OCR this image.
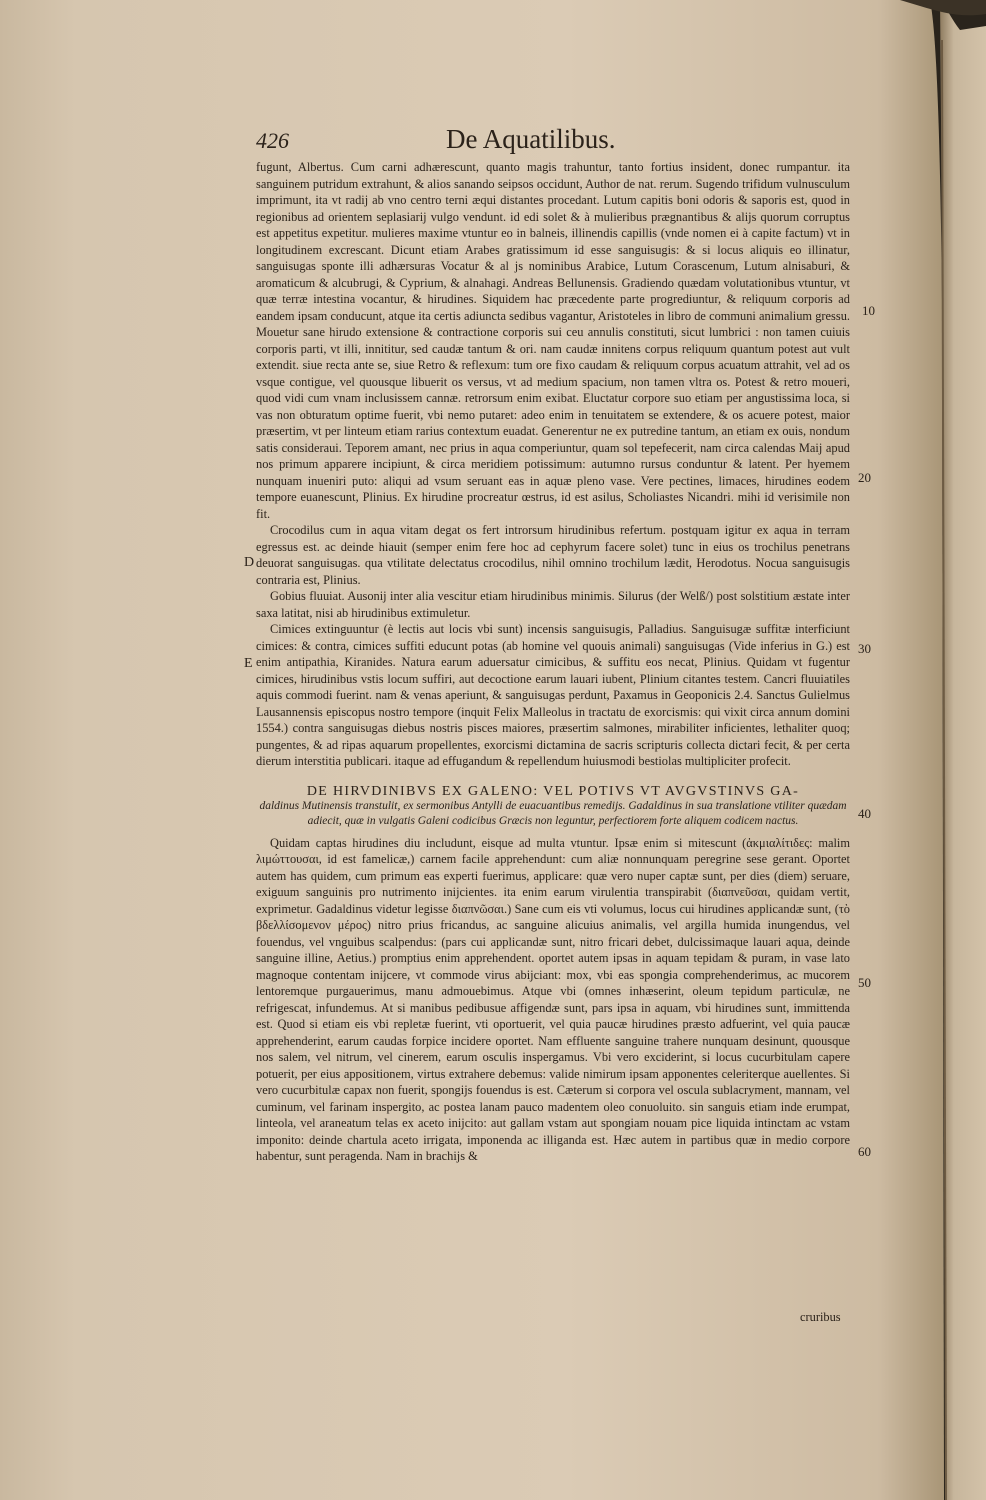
426	De Aquatilibus.

fugunt, Albertus. Cum carni adhærescunt, quanto magis trahuntur, tanto fortius insident, donec rumpantur. ita sanguinem putridum extrahunt, & alios sanando seipsos occidunt, Author de nat. rerum. Sugendo trifidum vulnusculum imprimunt, ita vt radij ab vno centro terni æqui distantes procedant. Lutum capitis boni odoris & saporis est, quod in regionibus ad orientem seplasiarij vulgo vendunt. id edi solet & à mulieribus prægnantibus & alijs quorum corruptus est appetitus expetitur. mulieres maxime vtuntur eo in balneis, illinendis capillis (vnde nomen ei à capite factum) vt in longitudinem excrescant. Dicunt etiam Arabes gratissimum id esse sanguisugis: & si locus aliquis eo illinatur, sanguisugas sponte illi adhærsuras Vocatur & al js nominibus Arabice, Lutum Corascenum, Lutum alnisaburi, & aromaticum & alcubrugi, & Cyprium, & alnahagi. Andreas Bellunensis. Gradiendo quædam volutationibus vtuntur, vt quæ terræ intestina vocantur, & hirudines. Siquidem hac præcedente parte progrediuntur, & reliquum corporis ad eandem ipsam conducunt, atque ita certis adiuncta sedibus vagantur, Aristoteles in libro de communi animalium gressu. Mouetur sane hirudo extensione & contractione corporis sui ceu annulis constituti, sicut lumbrici : non tamen cuiuis corporis parti, vt illi, innititur, sed caudæ tantum & ori. nam caudæ innitens corpus reliquum quantum potest aut vult extendit. siue recta ante se, siue Retro & reflexum: tum ore fixo caudam & reliquum corpus acuatum attrahit, vel ad os vsque contigue, vel quousque libuerit os versus, vt ad medium spacium, non tamen vltra os. Potest & retro moueri, quod vidi cum vnam inclusissem cannæ. retrorsum enim exibat. Eluctatur corpore suo etiam per angustissima loca, si vas non obturatum optime fuerit, vbi nemo putaret: adeo enim in tenuitatem se extendere, & os acuere potest, maior præsertim, vt per linteum etiam rarius contextum euadat. Generentur ne ex putredine tantum, an etiam ex ouis, nondum satis consideraui. Teporem amant, nec prius in aqua comperiuntur, quam sol tepefecerit, nam circa calendas Maij apud nos primum apparere incipiunt, & circa meridiem potissimum: autumno rursus conduntur & latent. Per hyemem nunquam inueniri puto: aliqui ad vsum seruant eas in aquæ pleno vase. Vere pectines, limaces, hirudines eodem tempore euanescunt, Plinius. Ex hirudine procreatur œstrus, id est asilus, Scholiastes Nicandri. mihi id verisimile non fit.

Crocodilus cum in aqua vitam degat os fert introrsum hirudinibus refertum. postquam igitur ex aqua in terram egressus est. ac deinde hiauit (semper enim fere hoc ad cephyrum facere solet) tunc in eius os trochilus penetrans deuorat sanguisugas. qua vtilitate delectatus crocodilus, nihil omnino trochilum lædit, Herodotus. Nocua sanguisugis contraria est, Plinius.

Gobius fluuiat. Ausonij inter alia vescitur etiam hirudinibus minimis. Silurus (der Welß/) post solstitium æstate inter saxa latitat, nisi ab hirudinibus extimuletur.

Cimices extinguuntur (è lectis aut locis vbi sunt) incensis sanguisugis, Palladius. Sanguisugæ suffitæ interficiunt cimices: & contra, cimices suffiti educunt potas (ab homine vel quouis animali) sanguisugas (Vide inferius in G.) est enim antipathia, Kiranides. Natura earum aduersatur cimicibus, & suffitu eos necat, Plinius. Quidam vt fugentur cimices, hirudinibus vstis locum suffiri, aut decoctione earum lauari iubent, Plinium citantes testem. Cancri fluuiatiles aquis commodi fuerint. nam & venas aperiunt, & sanguisugas perdunt, Paxamus in Geoponicis 2.4. Sanctus Gulielmus Lausannensis episcopus nostro tempore (inquit Felix Malleolus in tractatu de exorcismis: qui vixit circa annum domini 1554.) contra sanguisugas diebus nostris pisces maiores, præsertim salmones, mirabiliter inficientes, lethaliter quoq; pungentes, & ad ripas aquarum propellentes, exorcismi dictamina de sacris scripturis collecta dictari fecit, & per certa dierum interstitia publicari. itaque ad effugandum & repellendum huiusmodi bestiolas multipliciter profecit.

DE HIRVDINIBVS EX GALENO: VEL POTIVS VT AVGVSTINVS GA-
daldinus Mutinensis transtulit, ex sermonibus Antylli de euacuantibus remedijs. Gadaldinus in sua translatione vtiliter quædam adiecit, quæ in vulgatis Galeni codicibus Græcis non leguntur, perfectiorem forte aliquem codicem nactus.

Quidam captas hirudines diu includunt, eisque ad multa vtuntur. Ipsæ enim si mitescunt (ἀκμιαλίτιδες: malim λιμώττουσαι, id est famelicæ,) carnem facile apprehendunt: cum aliæ nonnunquam peregrine sese gerant. Oportet autem has quidem, cum primum eas experti fuerimus, applicare: quæ vero nuper captæ sunt, per dies (diem) seruare, exiguum sanguinis pro nutrimento inijcientes. ita enim earum virulentia transpirabit (διαπνεῦσαι, quidam vertit, exprimetur. Gadaldinus videtur legisse διαπνῶσαι.) Sane cum eis vti volumus, locus cui hirudines applicandæ sunt, (τὸ βδελλίσομενον μέρος) nitro prius fricandus, ac sanguine alicuius animalis, vel argilla humida inungendus, vel fouendus, vel vnguibus scalpendus: (pars cui applicandæ sunt, nitro fricari debet, dulcissimaque lauari aqua, deinde sanguine illine, Aetius.) promptius enim apprehendent. oportet autem ipsas in aquam tepidam & puram, in vase lato magnoque contentam inijcere, vt commode virus abijciant: mox, vbi eas spongia comprehenderimus, ac mucorem lentoremque purgauerimus, manu admouebimus. Atque vbi (omnes inhæserint, oleum tepidum particulæ, ne refrigescat, infundemus. At si manibus pedibusue affigendæ sunt, pars ipsa in aquam, vbi hirudines sunt, immittenda est. Quod si etiam eis vbi repletæ fuerint, vti oportuerit, vel quia paucæ hirudines præsto adfuerint, vel quia paucæ apprehenderint, earum caudas forpice incidere oportet. Nam effluente sanguine trahere nunquam desinunt, quousque nos salem, vel nitrum, vel cinerem, earum osculis inspergamus. Vbi vero exciderint, si locus cucurbitulam capere potuerit, per eius appositionem, virtus extrahere debemus: valide nimirum ipsam apponentes celeriterque auellentes. Si vero cucurbitulæ capax non fuerit, spongijs fouendus is est. Cæterum si corpora vel oscula sublacryment, mannam, vel cuminum, vel farinam inspergito, ac postea lanam pauco madentem oleo conuoluito. sin sanguis etiam inde erumpat, linteola, vel araneatum telas ex aceto inijcito: aut gallam vstam aut spongiam nouam pice liquida intinctam ac vstam imponito: deinde chartula aceto irrigata, imponenda ac illiganda est. Hæc autem in partibus quæ in medio corpore habentur, sunt peragenda. Nam in brachijs &

cruribus
D
E
10
20
30
40
50
60
